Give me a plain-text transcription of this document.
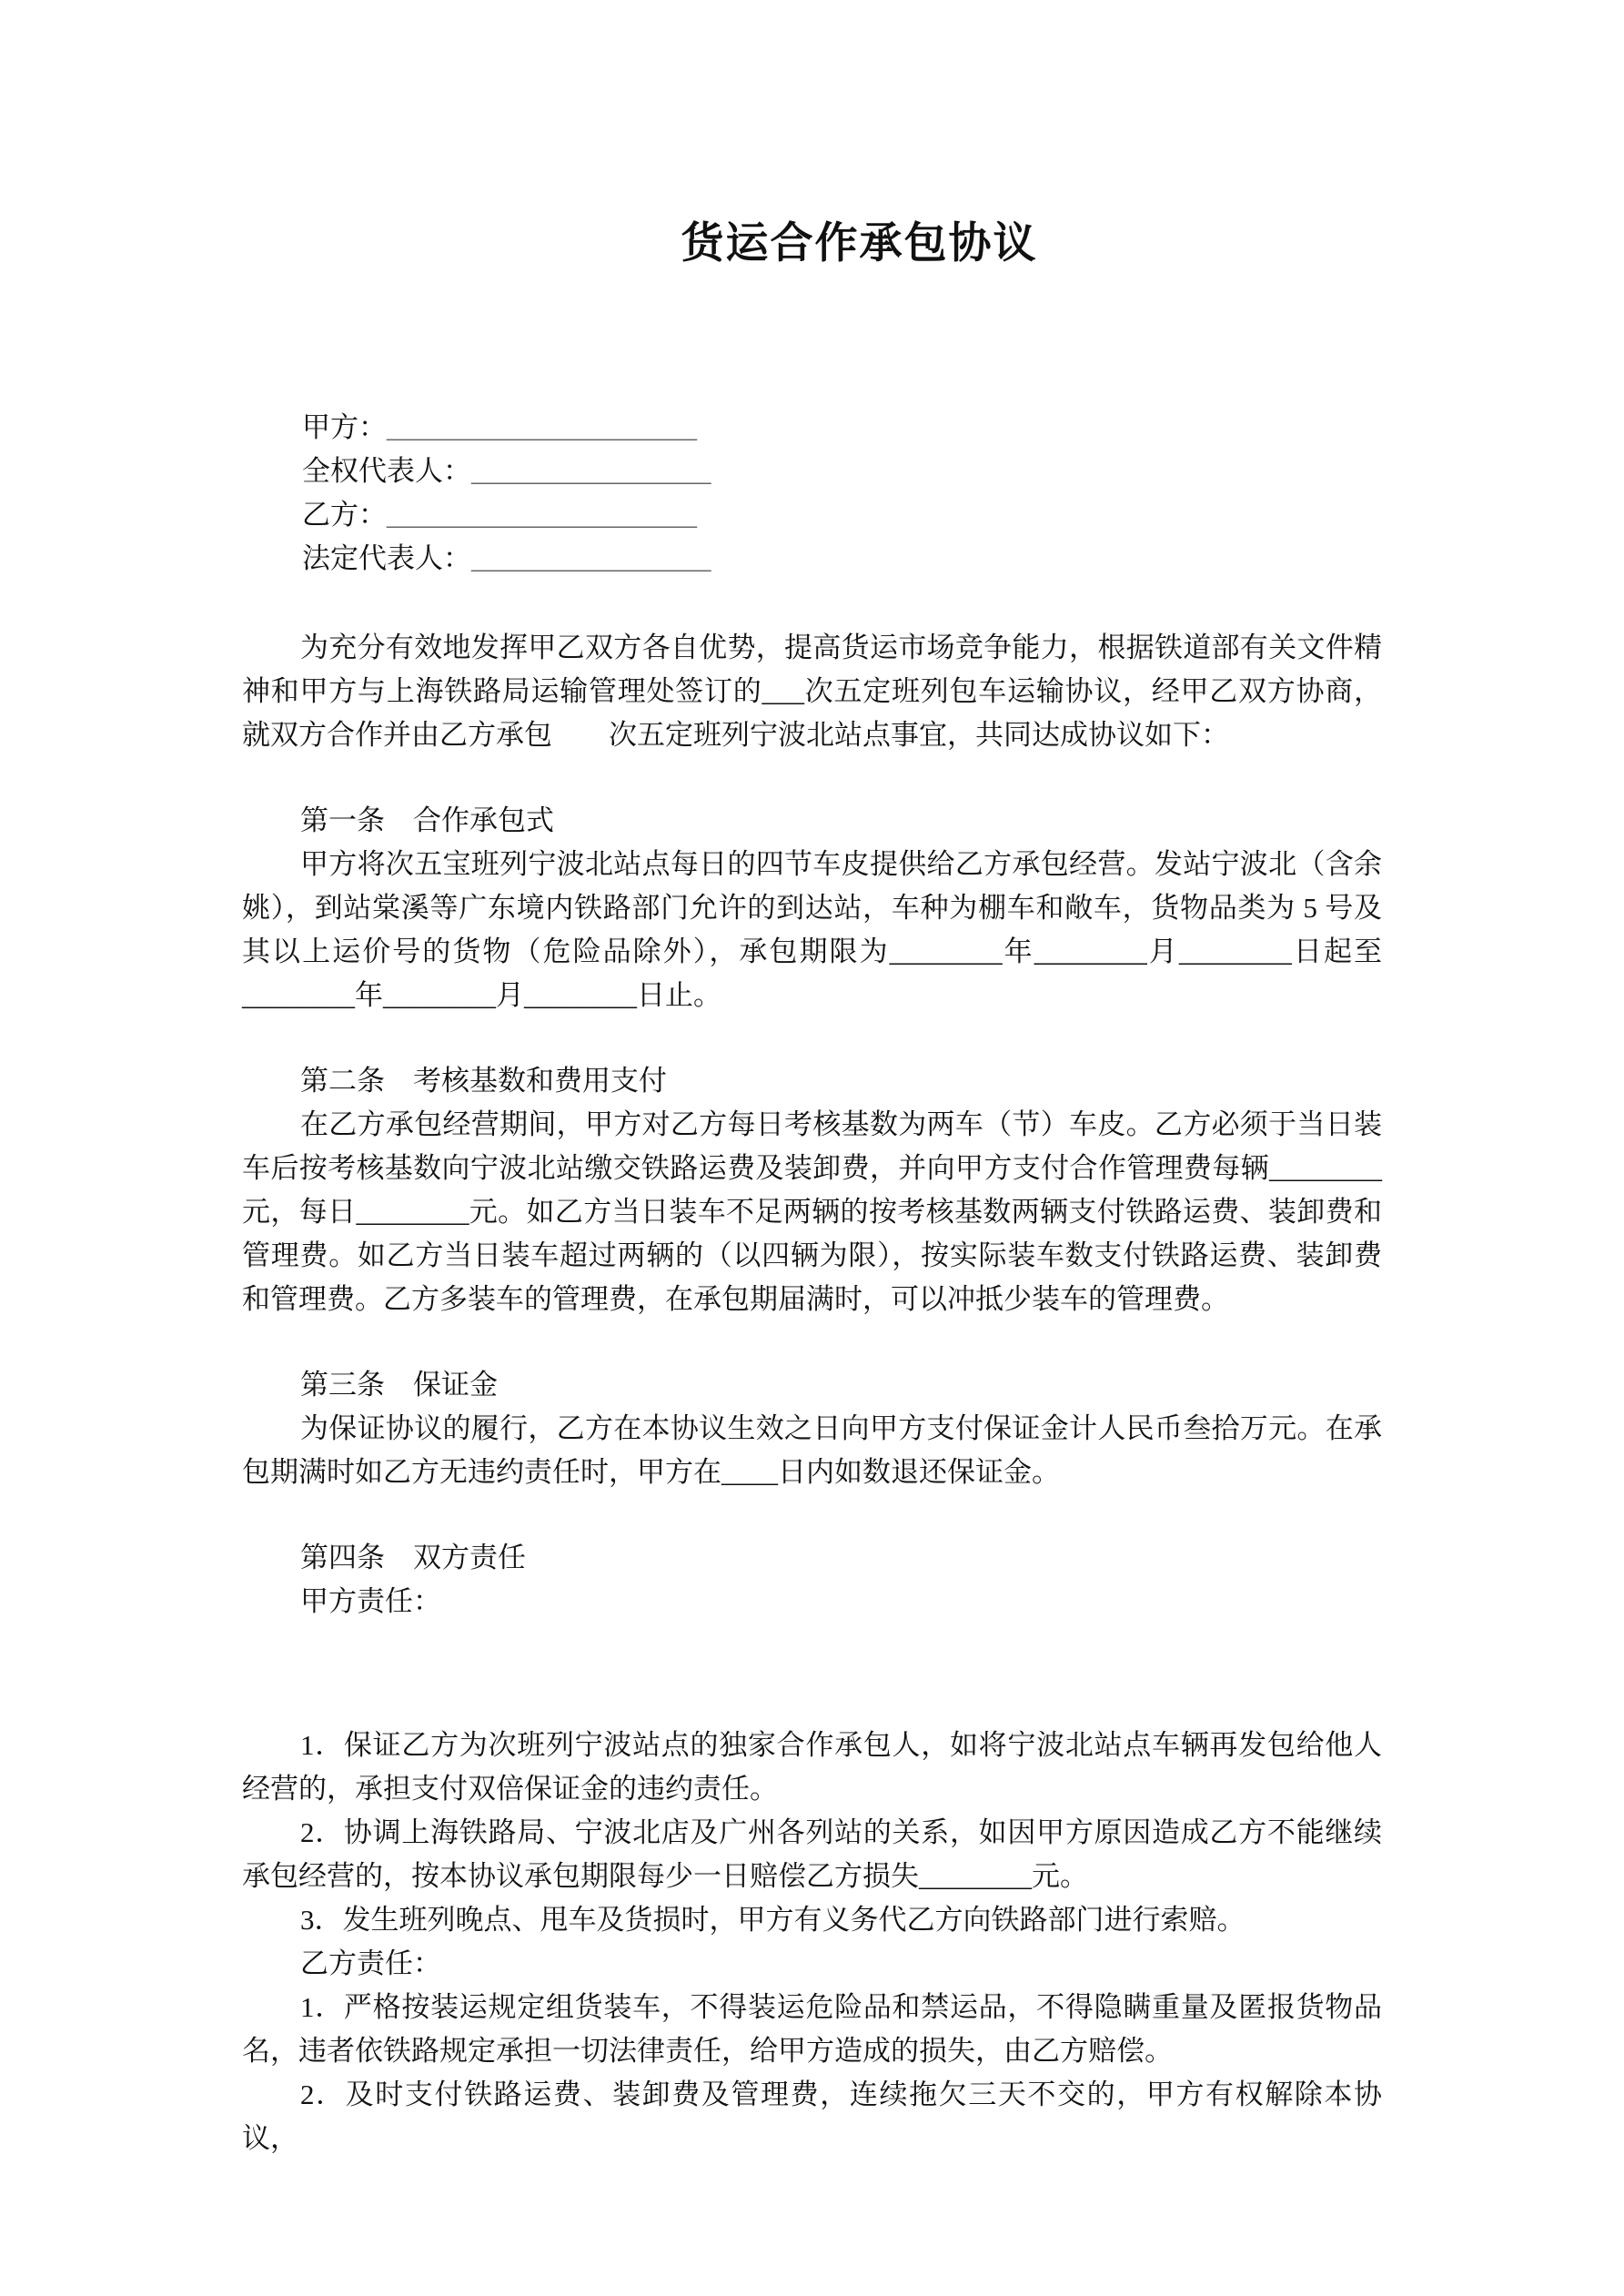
货运合作承包协议
甲方：______________________
全权代表人：_________________
乙方：______________________
法定代表人：_________________

为充分有效地发挥甲乙双方各自优势，提高货运市场竞争能力，根据铁道部有关文件精神和甲方与上海铁路局运输管理处签订的___次五定班列包车运输协议，经甲乙双方协商，就双方合作并由乙方承包　　次五定班列宁波北站点事宜，共同达成协议如下：

第一条　合作承包式

甲方将次五宝班列宁波北站点每日的四节车皮提供给乙方承包经营。发站宁波北（含余姚），到站棠溪等广东境内铁路部门允许的到达站，车种为棚车和敞车，货物品类为 5 号及其以上运价号的货物（危险品除外），承包期限为________年________月________日起至________年________月________日止。

第二条　考核基数和费用支付

在乙方承包经营期间，甲方对乙方每日考核基数为两车（节）车皮。乙方必须于当日装车后按考核基数向宁波北站缴交铁路运费及装卸费，并向甲方支付合作管理费每辆________元，每日________元。如乙方当日装车不足两辆的按考核基数两辆支付铁路运费、装卸费和管理费。如乙方当日装车超过两辆的（以四辆为限），按实际装车数支付铁路运费、装卸费和管理费。乙方多装车的管理费，在承包期届满时，可以冲抵少装车的管理费。

第三条　保证金

为保证协议的履行，乙方在本协议生效之日向甲方支付保证金计人民币叁拾万元。在承包期满时如乙方无违约责任时，甲方在____日内如数退还保证金。

第四条　双方责任

甲方责任：

1．保证乙方为次班列宁波站点的独家合作承包人，如将宁波北站点车辆再发包给他人经营的，承担支付双倍保证金的违约责任。

2．协调上海铁路局、宁波北店及广州各列站的关系，如因甲方原因造成乙方不能继续承包经营的，按本协议承包期限每少一日赔偿乙方损失________元。

3．发生班列晚点、甩车及货损时，甲方有义务代乙方向铁路部门进行索赔。

乙方责任：

1．严格按装运规定组货装车，不得装运危险品和禁运品，不得隐瞒重量及匿报货物品名，违者依铁路规定承担一切法律责任，给甲方造成的损失，由乙方赔偿。

2．及时支付铁路运费、装卸费及管理费，连续拖欠三天不交的，甲方有权解除本协议，
